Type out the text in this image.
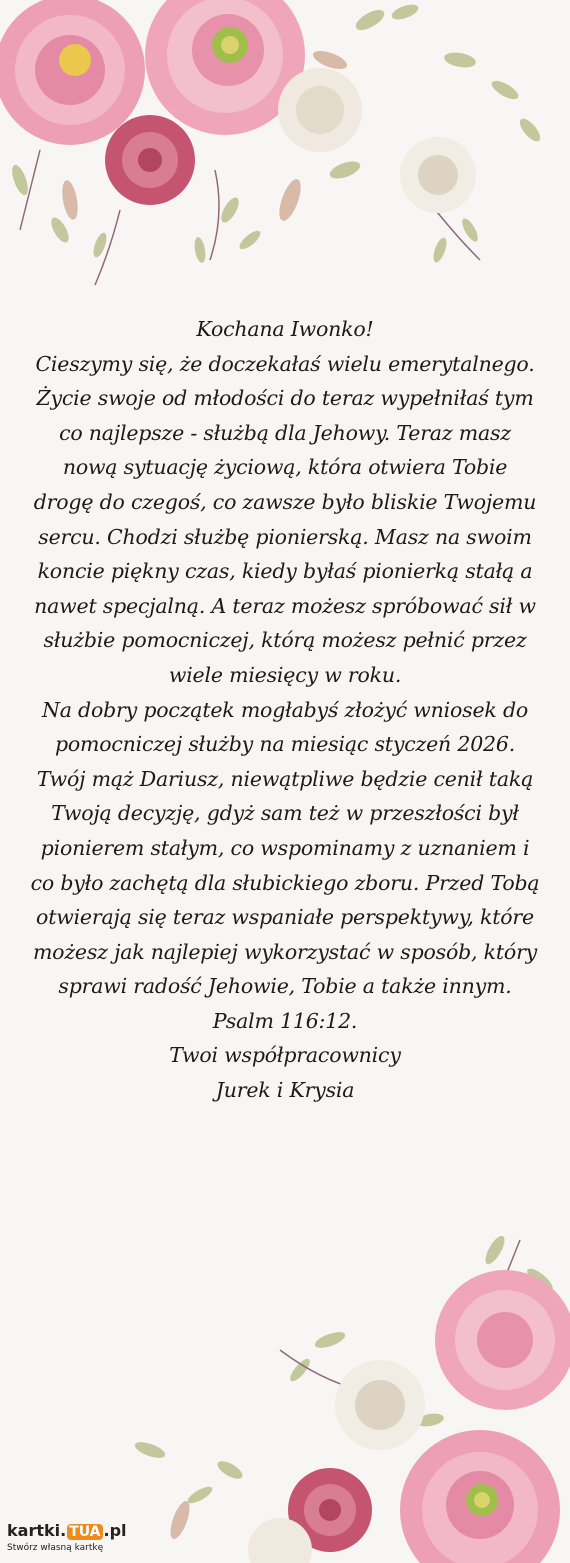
Kochana Iwonko!

Cieszymy się, że doczekałaś wielu emerytalnego. Życie swoje od młodości do teraz wypełniłaś tym co najlepsze - służbą dla Jehowy. Teraz masz nową sytuację życiową, która otwiera Tobie drogę do czegoś, co zawsze było bliskie Twojemu sercu. Chodzi służbę pionierską. Masz na swoim koncie piękny czas, kiedy byłaś pionierką stałą a nawet specjalną. A teraz możesz spróbować sił w służbie pomocniczej, którą możesz pełnić przez wiele miesięcy w roku.

Na dobry początek mogłabyś złożyć wniosek do pomocniczej służby na miesiąc styczeń 2026. Twój mąż Dariusz, niewątpliwe będzie cenił taką Twoją decyzję, gdyż sam też w przeszłości był pionierem stałym, co wspominamy z uznaniem i co było zachętą dla słubickiego zboru. Przed Tobą otwierają się teraz wspaniałe perspektywy, które możesz jak najlepiej wykorzystać w sposób, który sprawi radość Jehowie, Tobie a także innym. Psalm 116:12.

Twoi współpracownicy

Jurek i Krysia

kartki. TUA .pl
Stwórz własną kartkę
